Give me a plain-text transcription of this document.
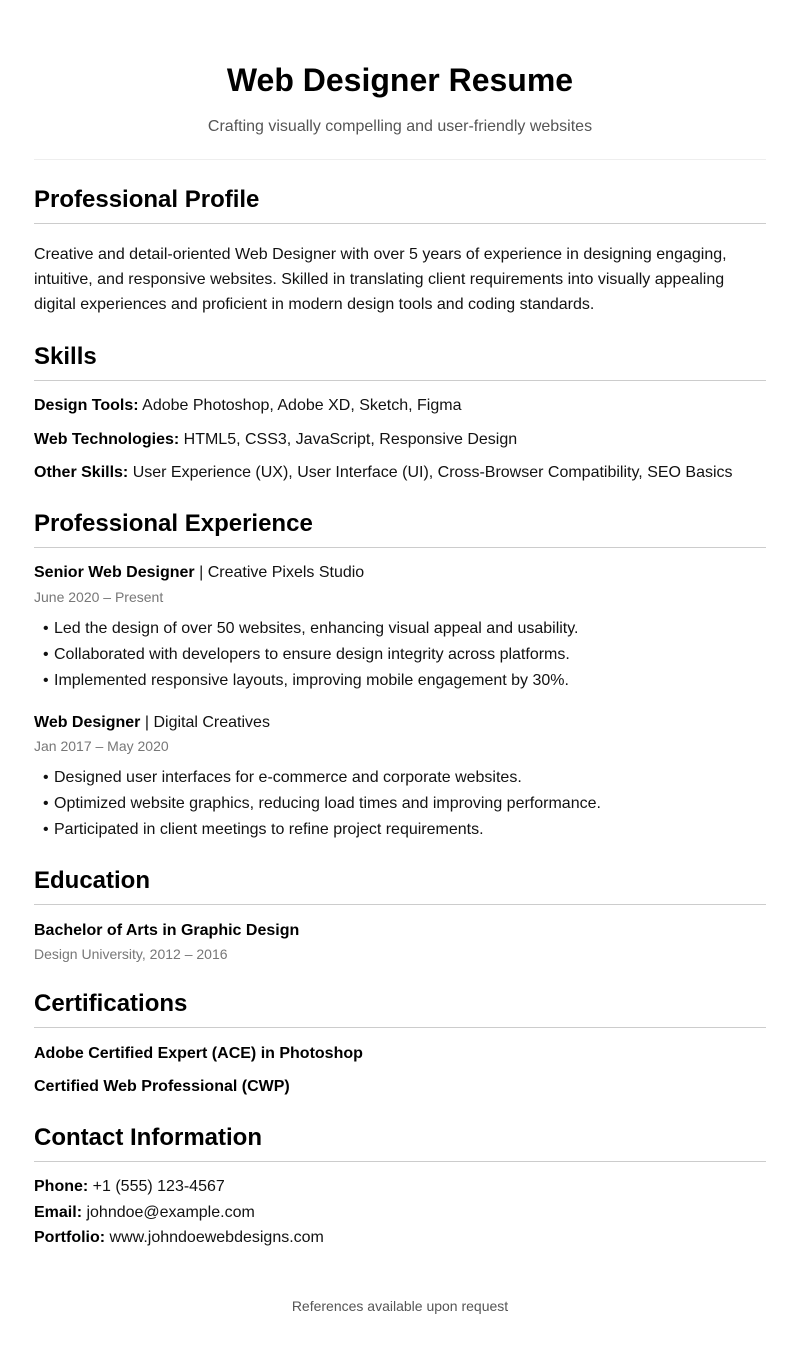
Web Designer Resume

Crafting visually compelling and user-friendly websites

Professional Profile

Creative and detail-oriented Web Designer with over 5 years of experience in designing engaging, intuitive, and responsive websites. Skilled in translating client requirements into visually appealing digital experiences and proficient in modern design tools and coding standards.

Skills

Design Tools: Adobe Photoshop, Adobe XD, Sketch, Figma

Web Technologies: HTML5, CSS3, JavaScript, Responsive Design

Other Skills: User Experience (UX), User Interface (UI), Cross-Browser Compatibility, SEO Basics

Professional Experience

Senior Web Designer | Creative Pixels Studio

June 2020 – Present

• Led the design of over 50 websites, enhancing visual appeal and usability.
• Collaborated with developers to ensure design integrity across platforms.
• Implemented responsive layouts, improving mobile engagement by 30%.

Web Designer | Digital Creatives

Jan 2017 – May 2020

• Designed user interfaces for e-commerce and corporate websites.
• Optimized website graphics, reducing load times and improving performance.
• Participated in client meetings to refine project requirements.
Education

Bachelor of Arts in Graphic Design

Design University, 2012 – 2016

Certifications

Adobe Certified Expert (ACE) in Photoshop

Certified Web Professional (CWP)

Contact Information

Phone: +1 (555) 123-4567

Email: johndoe@example.com

Portfolio: www.johndoewebdesigns.com

References available upon request
